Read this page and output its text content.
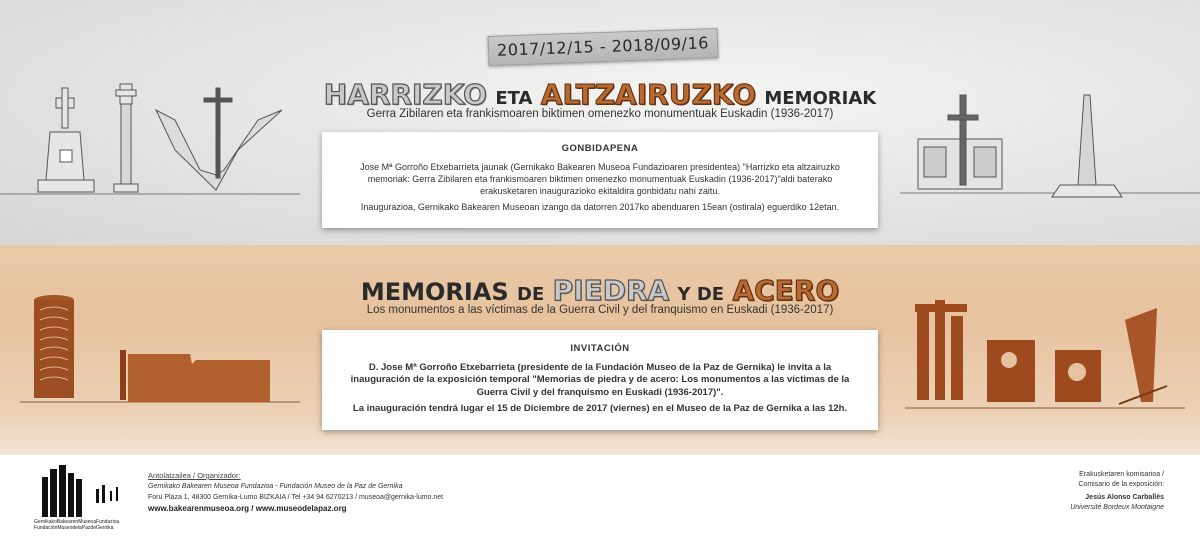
2017/12/15 - 2018/09/16
HARRIZKO ETA ALTZAIRUZKO MEMORIAK
Gerra Zibilaren eta frankismoaren biktimen omenezko monumentuak Euskadin (1936-2017)
GONBIDAPENA

Jose Mª Gorroño Etxebarrieta jaunak (Gernikako Bakearen Museoa Fundazioaren presidentea) "Harrizko eta altzairuzko memoriak: Gerra Zibilaren eta frankismoaren biktimen omenezko monumentuak Euskadin (1936-2017)"aldi baterako erakusketaren inaugurazioko ekitaldira gonbidatu nahi zaitu.

Inaugurazioa, Gernikako Bakearen Museoan izango da datorren 2017ko abenduaren 15ean (ostirala) eguerdiko 12etan.

MEMORIAS DE PIEDRA Y DE ACERO
Los monumentos a las víctimas de la Guerra Civil y del franquismo en Euskadi (1936-2017)
INVITACIÓN

D. Jose Mª Gorroño Etxebarrieta (presidente de la Fundación Museo de la Paz de Gernika) le invita a la inauguración de la exposición temporal "Memorias de piedra y de acero: Los monumentos a las víctimas de la Guerra Civil y del franquismo en Euskadi (1936-2017)".

La inauguración tendrá lugar el 15 de Diciembre de 2017 (viernes) en el Museo de la Paz de Gernika a las 12h.

GernikakoBakearenMuseoaFundazioa FundaciónMuseodelaPazdeGernika
Antolatzailea / Organizador:
Gernikako Bakearen Museoa Fundazioa - Fundación Museo de la Paz de Gernika
Foru Plaza 1, 48300 Gernika-Lumo BIZKAIA / Tel +34 94 6270213 / museoa@gernika-lumo.net
www.bakearenmuseoa.org / www.museodelapaz.org
Erakusketaren komisarioa /
Comisario de la exposición:
Jesús Alonso Carballés
Université Bordeux Montaigne
